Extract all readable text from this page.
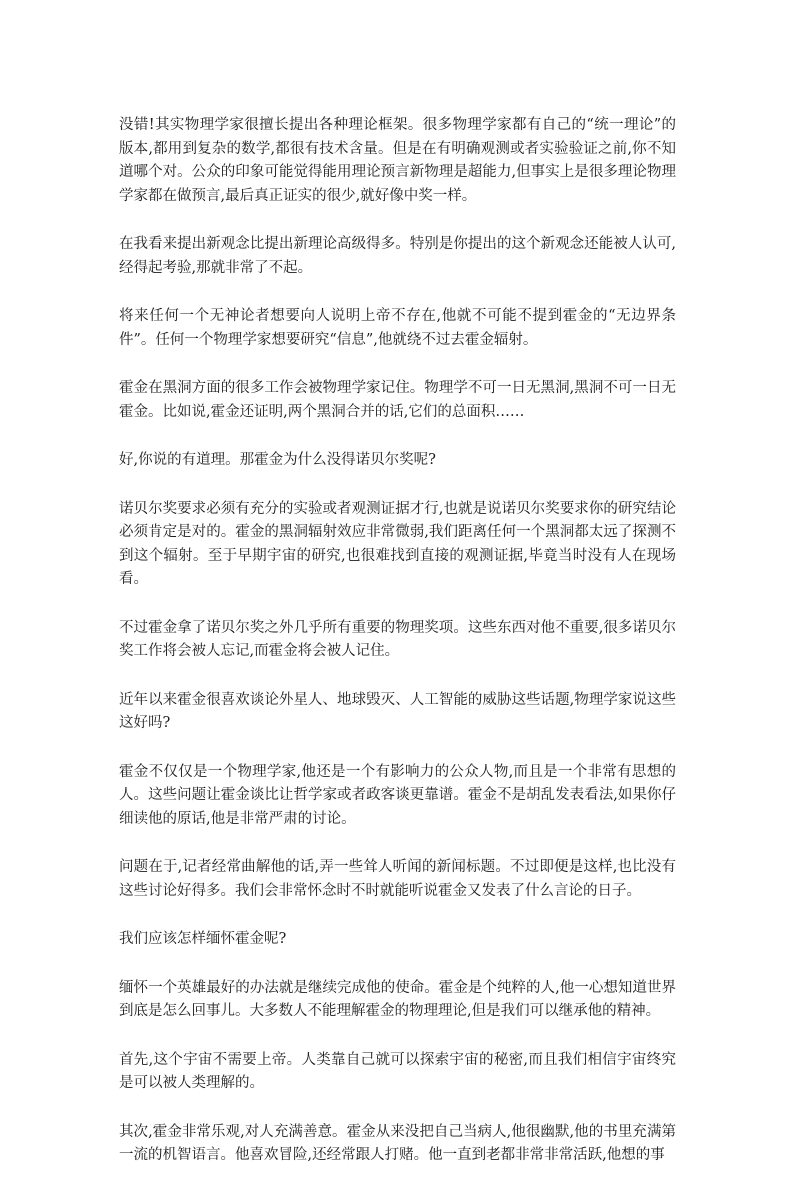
没错!其实物理学家很擅长提出各种理论框架。很多物理学家都有自己的“统一理论”的版本,都用到复杂的数学,都很有技术含量。但是在有明确观测或者实验验证之前,你不知道哪个对。公众的印象可能觉得能用理论预言新物理是超能力,但事实上是很多理论物理学家都在做预言,最后真正证实的很少,就好像中奖一样。

在我看来提出新观念比提出新理论高级得多。特别是你提出的这个新观念还能被人认可,经得起考验,那就非常了不起。

将来任何一个无神论者想要向人说明上帝不存在,他就不可能不提到霍金的“无边界条件”。任何一个物理学家想要研究“信息”,他就绕不过去霍金辐射。

霍金在黑洞方面的很多工作会被物理学家记住。物理学不可一日无黑洞,黑洞不可一日无霍金。比如说,霍金还证明,两个黑洞合并的话,它们的总面积……

好,你说的有道理。那霍金为什么没得诺贝尔奖呢?

诺贝尔奖要求必须有充分的实验或者观测证据才行,也就是说诺贝尔奖要求你的研究结论必须肯定是对的。霍金的黑洞辐射效应非常微弱,我们距离任何一个黑洞都太远了探测不到这个辐射。至于早期宇宙的研究,也很难找到直接的观测证据,毕竟当时没有人在现场看。

不过霍金拿了诺贝尔奖之外几乎所有重要的物理奖项。这些东西对他不重要,很多诺贝尔奖工作将会被人忘记,而霍金将会被人记住。

近年以来霍金很喜欢谈论外星人、地球毁灭、人工智能的威胁这些话题,物理学家说这些这好吗?

霍金不仅仅是一个物理学家,他还是一个有影响力的公众人物,而且是一个非常有思想的人。这些问题让霍金谈比让哲学家或者政客谈更靠谱。霍金不是胡乱发表看法,如果你仔细读他的原话,他是非常严肃的讨论。

问题在于,记者经常曲解他的话,弄一些耸人听闻的新闻标题。不过即便是这样,也比没有这些讨论好得多。我们会非常怀念时不时就能听说霍金又发表了什么言论的日子。

我们应该怎样缅怀霍金呢?

缅怀一个英雄最好的办法就是继续完成他的使命。霍金是个纯粹的人,他一心想知道世界到底是怎么回事儿。大多数人不能理解霍金的物理理论,但是我们可以继承他的精神。

首先,这个宇宙不需要上帝。人类靠自己就可以探索宇宙的秘密,而且我们相信宇宙终究是可以被人类理解的。

其次,霍金非常乐观,对人充满善意。霍金从来没把自己当病人,他很幽默,他的书里充满第一流的机智语言。他喜欢冒险,还经常跟人打赌。他一直到老都非常非常活跃,他想的事
